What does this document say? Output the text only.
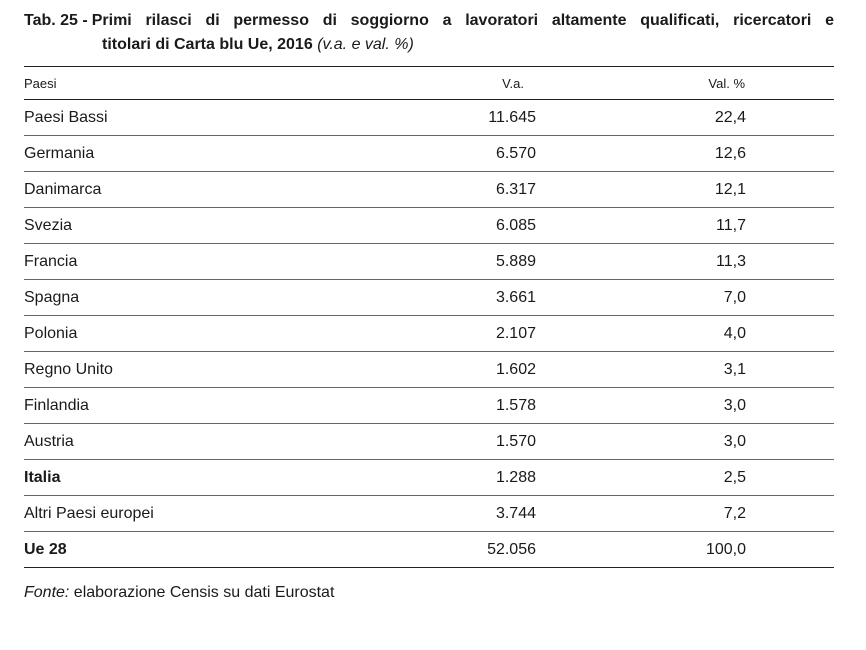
Tab. 25 - Primi rilasci di permesso di soggiorno a lavoratori altamente qualificati, ricercatori e
titolari di Carta blu Ue, 2016 (v.a. e val. %)
Paesi	V.a.	Val. %
Paesi Bassi	11.645	22,4
Germania	6.570	12,6
Danimarca	6.317	12,1
Svezia	6.085	11,7
Francia	5.889	11,3
Spagna	3.661	7,0
Polonia	2.107	4,0
Regno Unito	1.602	3,1
Finlandia	1.578	3,0
Austria	1.570	3,0
Italia	1.288	2,5
Altri Paesi europei	3.744	7,2
Ue 28	52.056	100,0
Fonte: elaborazione Censis su dati Eurostat
